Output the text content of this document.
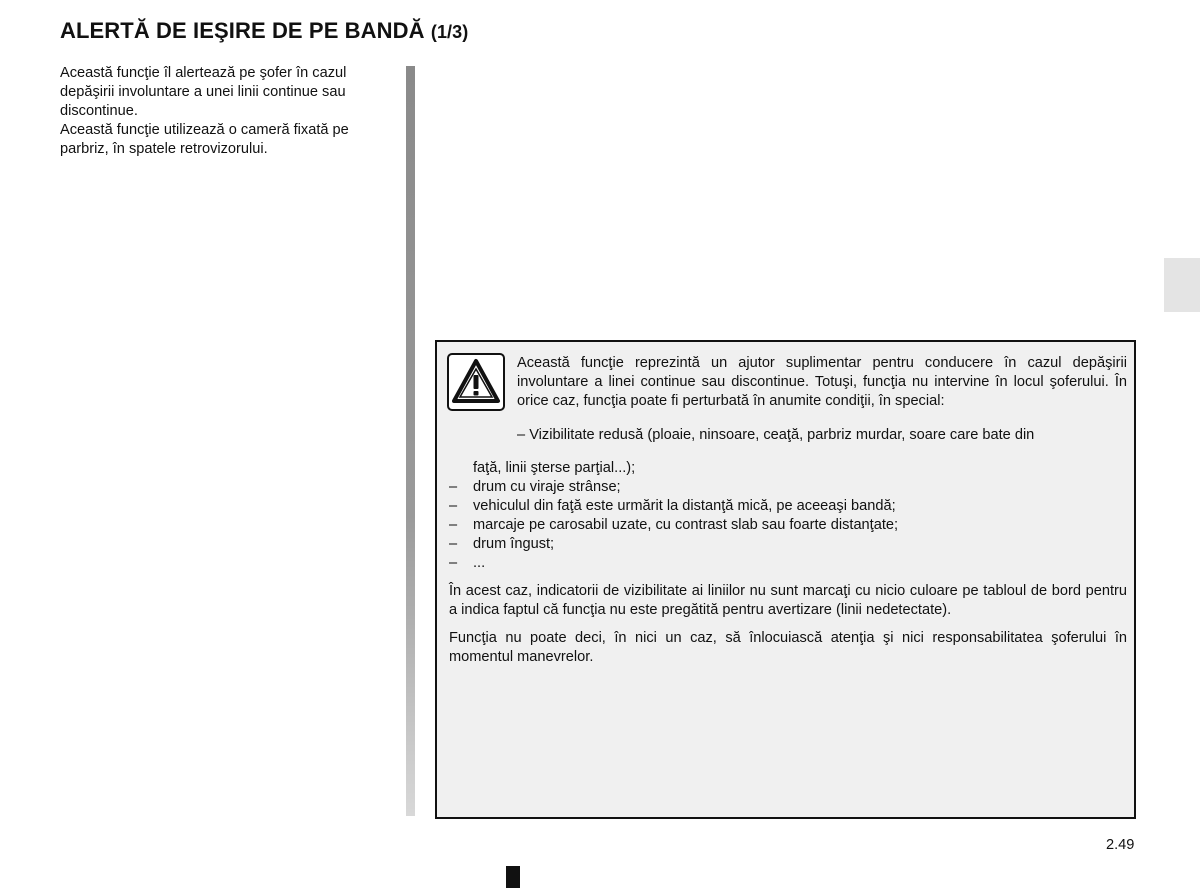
ALERTĂ DE IEŞIRE DE PE BANDĂ (1/3)

Această funcţie îl alertează pe şofer în cazul depăşirii involuntare a unei linii continue sau discontinue.

Această funcţie utilizează o cameră fixată pe parbriz, în spatele retrovizorului.

Această funcţie reprezintă un ajutor suplimentar pentru conducere în cazul depăşirii involuntare a linei continue sau discontinue. Totuşi, funcţia nu intervine în locul şoferului. În orice caz, funcţia poate fi perturbată în anumite condiţii, în special:

– Vizibilitate redusă (ploaie, ninsoare, ceaţă, parbriz murdar, soare care bate din

faţă, linii şterse parţial...);

– drum cu viraje strânse;

– vehiculul din faţă este urmărit la distanţă mică, pe aceeaşi bandă;

– marcaje pe carosabil uzate, cu contrast slab sau foarte distanţate;

– drum îngust;

– ...

În acest caz, indicatorii de vizibilitate ai liniilor nu sunt marcaţi cu nicio culoare pe tabloul de bord pentru a indica faptul că funcţia nu este pregătită pentru avertizare (linii nedetectate).

Funcţia nu poate deci, în nici un caz, să înlocuiască atenţia şi nici responsabilitatea şoferului în momentul manevrelor.

2.49
